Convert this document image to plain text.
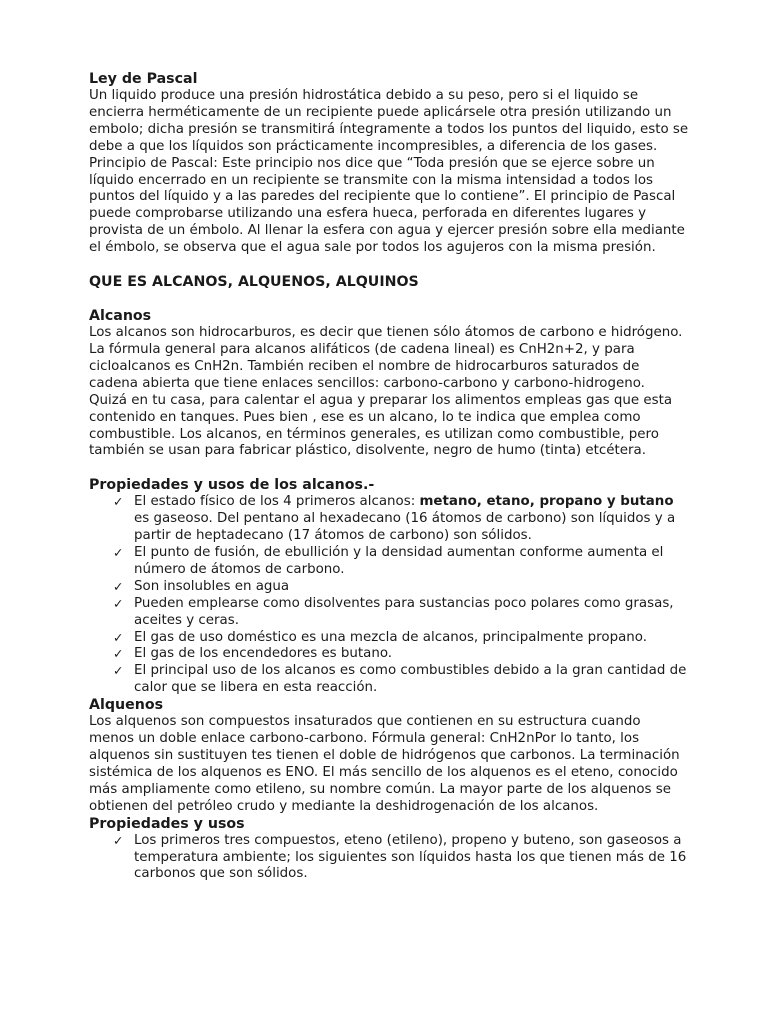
Ley de Pascal

Un liquido produce una presión hidrostática debido a su peso, pero si el liquido se encierra herméticamente de un recipiente puede aplicársele otra presión utilizando un embolo; dicha presión se transmitirá íntegramente a todos los puntos del liquido, esto se debe a que los líquidos son prácticamente incompresibles, a diferencia de los gases. Principio de Pascal: Este principio nos dice que “Toda presión que se ejerce sobre un líquido encerrado en un recipiente se transmite con la misma intensidad a todos los puntos del líquido y a las paredes del recipiente que lo contiene”. El principio de Pascal puede comprobarse utilizando una esfera hueca, perforada en diferentes lugares y provista de un émbolo. Al llenar la esfera con agua y ejercer presión sobre ella mediante el émbolo, se observa que el agua sale por todos los agujeros con la misma presión.

QUE ES ALCANOS, ALQUENOS, ALQUINOS

Alcanos

Los alcanos son hidrocarburos, es decir que tienen sólo átomos de carbono e hidrógeno. La fórmula general para alcanos alifáticos (de cadena lineal) es CnH2n+2, y para cicloalcanos es CnH2n. También reciben el nombre de hidrocarburos saturados de cadena abierta que tiene enlaces sencillos: carbono-carbono y carbono-hidrogeno.

Quizá en tu casa, para calentar el agua y preparar los alimentos empleas gas que esta contenido en tanques. Pues bien , ese es un alcano, lo te indica que emplea como combustible. Los alcanos, en términos generales, es utilizan como combustible, pero también se usan para fabricar plástico, disolvente, negro de humo (tinta) etcétera.

Propiedades y usos de los alcanos.-

✓ El estado físico de los 4 primeros alcanos: metano, etano, propano y butano es gaseoso. Del pentano al hexadecano (16 átomos de carbono) son líquidos y a partir de heptadecano (17 átomos de carbono) son sólidos.
✓ El punto de fusión, de ebullición y la densidad aumentan conforme aumenta el número de átomos de carbono.
✓ Son insolubles en agua
✓ Pueden emplearse como disolventes para sustancias poco polares como grasas, aceites y ceras.
✓ El gas de uso doméstico es una mezcla de alcanos, principalmente propano.
✓ El gas de los encendedores es butano.
✓ El principal uso de los alcanos es como combustibles debido a la gran cantidad de calor que se libera en esta reacción.

Alquenos

Los alquenos son compuestos insaturados que contienen en su estructura cuando menos un doble enlace carbono-carbono. Fórmula general: CnH2nPor lo tanto, los alquenos sin sustituyen tes tienen el doble de hidrógenos que carbonos. La terminación sistémica de los alquenos es ENO. El más sencillo de los alquenos es el eteno, conocido más ampliamente como etileno, su nombre común. La mayor parte de los alquenos se obtienen del petróleo crudo y mediante la deshidrogenación de los alcanos.

Propiedades y usos

✓ Los primeros tres compuestos, eteno (etileno), propeno y buteno, son gaseosos a temperatura ambiente; los siguientes son líquidos hasta los que tienen más de 16 carbonos que son sólidos.
